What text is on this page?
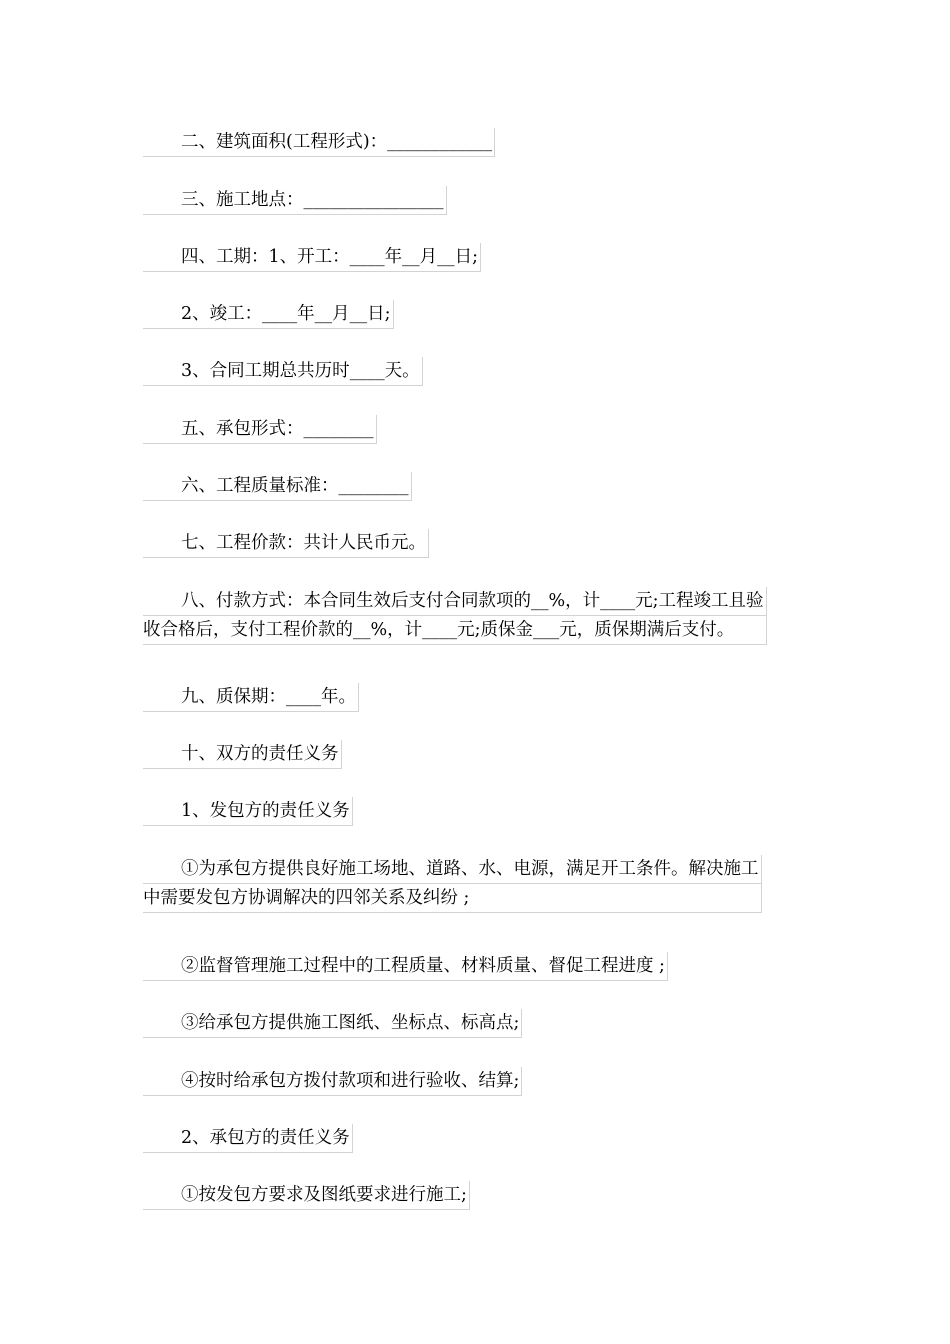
二、建筑面积(工程形式)：____________
三、施工地点：________________
四、工期：1、开工：____年__月__日;
2、竣工：____年__月__日;
3、合同工期总共历时____天。
五、承包形式：________
六、工程质量标准：________
七、工程价款：共计人民币元。
八、付款方式：本合同生效后支付合同款项的__%，计____元;工程竣工且验
收合格后，支付工程价款的__%，计____元;质保金___元，质保期满后支付。
九、质保期：____年。
十、双方的责任义务
1、发包方的责任义务
①为承包方提供良好施工场地、道路、水、电源，满足开工条件。解决施工
中需要发包方协调解决的四邻关系及纠纷 ;
②监督管理施工过程中的工程质量、材料质量、督促工程进度 ;
③给承包方提供施工图纸、坐标点、标高点;
④按时给承包方拨付款项和进行验收、结算;
2、承包方的责任义务
①按发包方要求及图纸要求进行施工;
